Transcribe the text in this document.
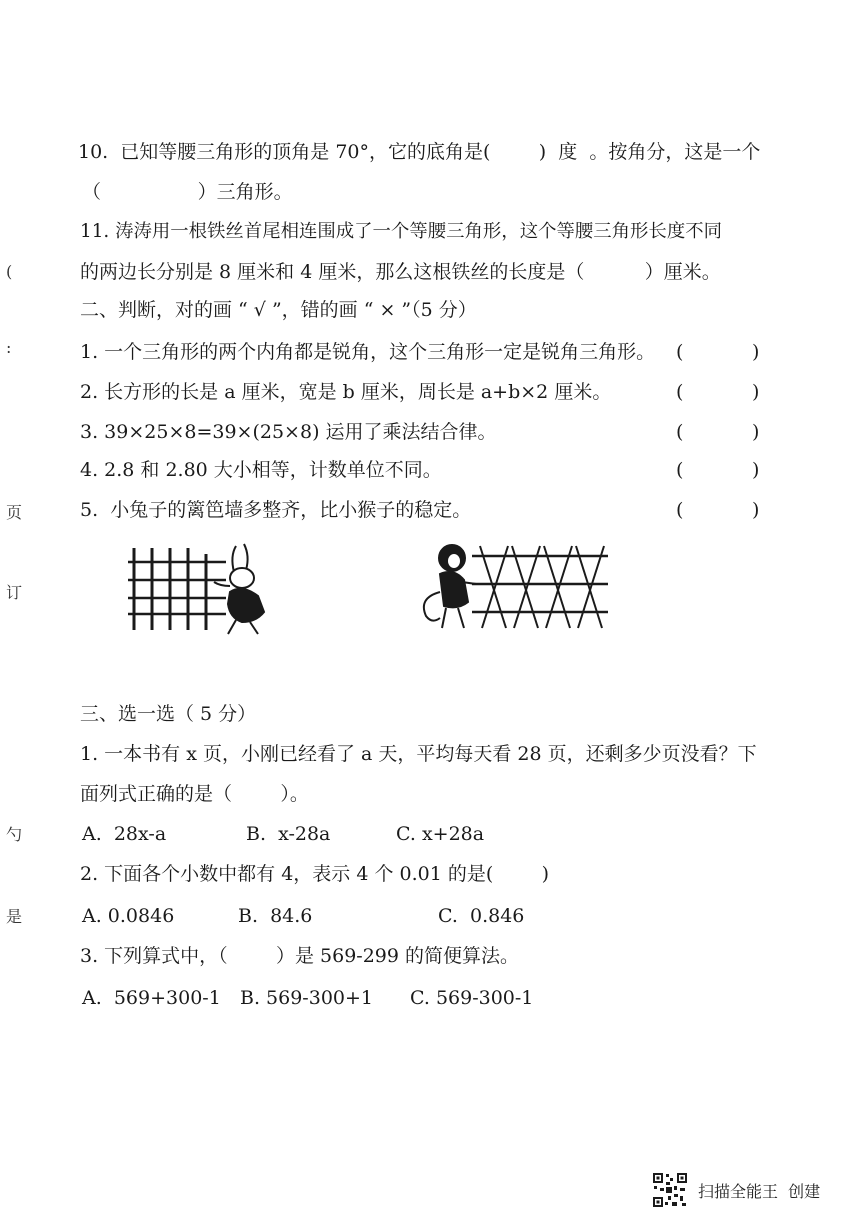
(
:
页
订
勺
是
10.  已知等腰三角形的顶角是 70°，它的底角是(        )  度  。按角分，这是一个
（                ）三角形。
11. 涛涛用一根铁丝首尾相连围成了一个等腰三角形，这个等腰三角形长度不同
的两边长分别是 8 厘米和 4 厘米，那么这根铁丝的长度是（          ）厘米。
二、判断，对的画 “ √ ”，错的画 “ × ”（5 分）
1. 一个三角形的两个内角都是锐角，这个三角形一定是锐角三角形。 (	)
2. 长方形的长是 a 厘米，宽是 b 厘米，周长是 a+b×2 厘米。	(	)
3. 39×25×8=39×(25×8) 运用了乘法结合律。	(	)
4. 2.8 和 2.80 大小相等，计数单位不同。	(	)
5.  小兔子的篱笆墙多整齐，比小猴子的稳定。	(	)
三、选一选（ 5 分）
1. 一本书有 x 页，小刚已经看了 a 天，平均每天看 28 页，还剩多少页没看？下
面列式正确的是（        ）。
A.  28x-a	B.  x-28a	C. x+28a
2. 下面各个小数中都有 4，表示 4 个 0.01 的是(        )
A. 0.0846	B.  84.6	C.  0.846
3. 下列算式中，（        ）是 569-299 的简便算法。
A.  569+300-1 B. 569-300+1 C. 569-300-1
扫描全能王  创建
